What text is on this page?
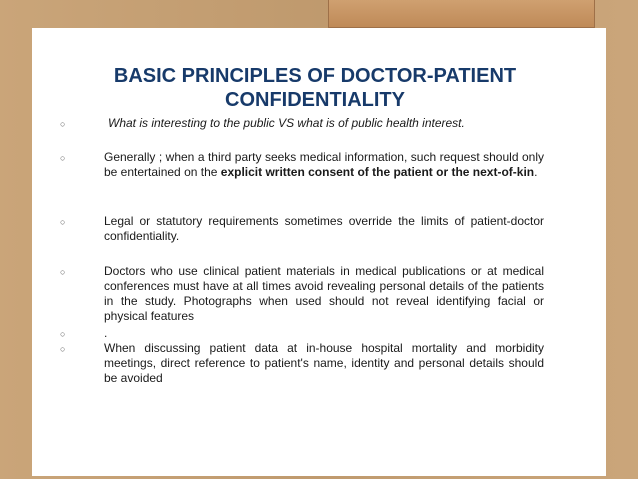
BASIC PRINCIPLES OF DOCTOR-PATIENT
CONFIDENTIALITY
○	What is interesting to the public VS what is of public health interest.
○	Generally ; when a third party seeks medical information, such request should only be entertained on the explicit written consent of the patient or the next-of-kin.
○	Legal or statutory requirements sometimes override the limits of patient-doctor confidentiality.
○	Doctors who use clinical patient materials in medical publications or at medical conferences must have at all times avoid revealing personal details of the patients in the study. Photographs when used should not reveal identifying facial or physical features
○	.
○	When discussing patient data at in-house hospital mortality and morbidity meetings, direct reference to patient's name, identity and personal details should be avoided
